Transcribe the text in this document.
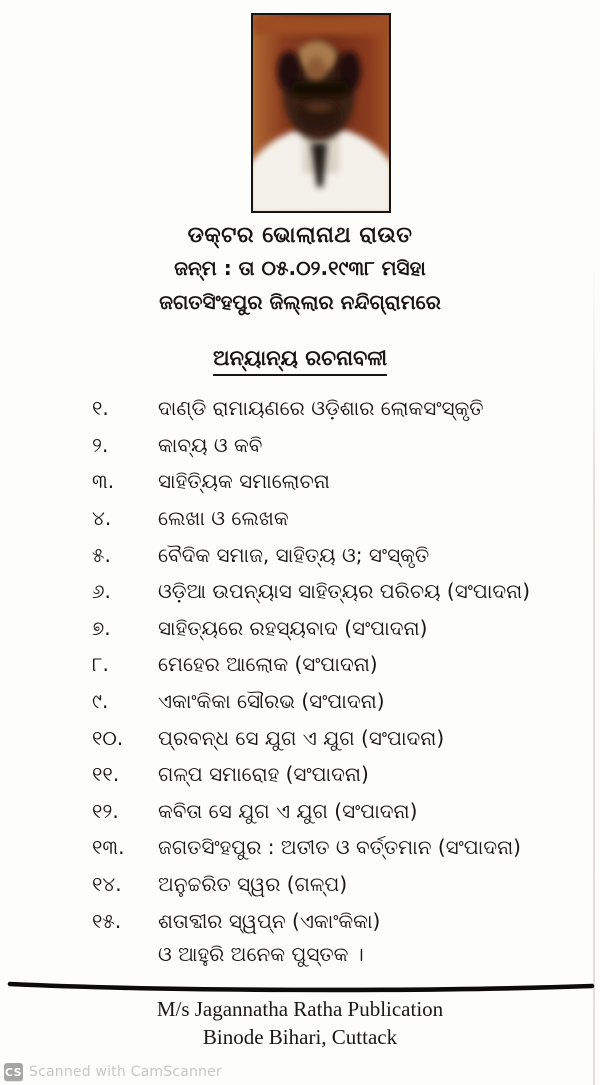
ଡକ୍ଟର ଭୋଲାନାଥ ରାଉତ
ଜନ୍ମ : ତା ୦୫.୦୨.୧୯୩୮ ମସିହା
ଜଗତସିଂହପୁର ଜିଲ୍ଲାର ନନ୍ଦିଗ୍ରାମରେ
ଅନ୍ୟାନ୍ୟ ରଚନାବଳୀ
୧.	ଦାଣ୍ଡି ରାମାୟଣରେ ଓଡ଼ିଶାର ଲୋକସଂସ୍କୃତି
୨.	କାବ୍ୟ ଓ କବି
୩.	ସାହିତ୍ୟିକ ସମାଲୋଚନା
୪.	ଲେଖା ଓ ଲେଖକ
୫.	ବୈଦିକ ସମାଜ, ସାହିତ୍ୟ ଓ; ସଂସ୍କୃତି
୬.	ଓଡ଼ିଆ ଉପନ୍ୟାସ ସାହିତ୍ୟର ପରିଚୟ (ସଂପାଦନା)
୭.	ସାହିତ୍ୟରେ ରହସ୍ୟବାଦ (ସଂପାଦନା)
୮.	ମେହେର ଆଲୋକ (ସଂପାଦନା)
୯.	ଏକାଂକିକା ସୌରଭ (ସଂପାଦନା)
୧୦.	ପ୍ରବନ୍ଧ ସେ ଯୁଗ ଏ ଯୁଗ (ସଂପାଦନା)
୧୧.	ଗଳ୍ପ ସମାରୋହ (ସଂପାଦନା)
୧୨.	କବିତା ସେ ଯୁଗ ଏ ଯୁଗ (ସଂପାଦନା)
୧୩.	ଜଗତସିଂହପୁର : ଅତୀତ ଓ ବର୍ତ୍ତମାନ (ସଂପାଦନା)
୧୪.	ଅନୁଚ୍ଚରିତ ସ୍ୱର (ଗଳ୍ପ)
୧୫.	ଶତାବ୍ଦୀର ସ୍ୱପ୍ନ (ଏକାଂକିକା)
ଓ ଆହୁରି ଅନେକ ପୁସ୍ତକ ।
M/s Jagannatha Ratha Publication
Binode Bihari, Cuttack
CS Scanned with CamScanner
